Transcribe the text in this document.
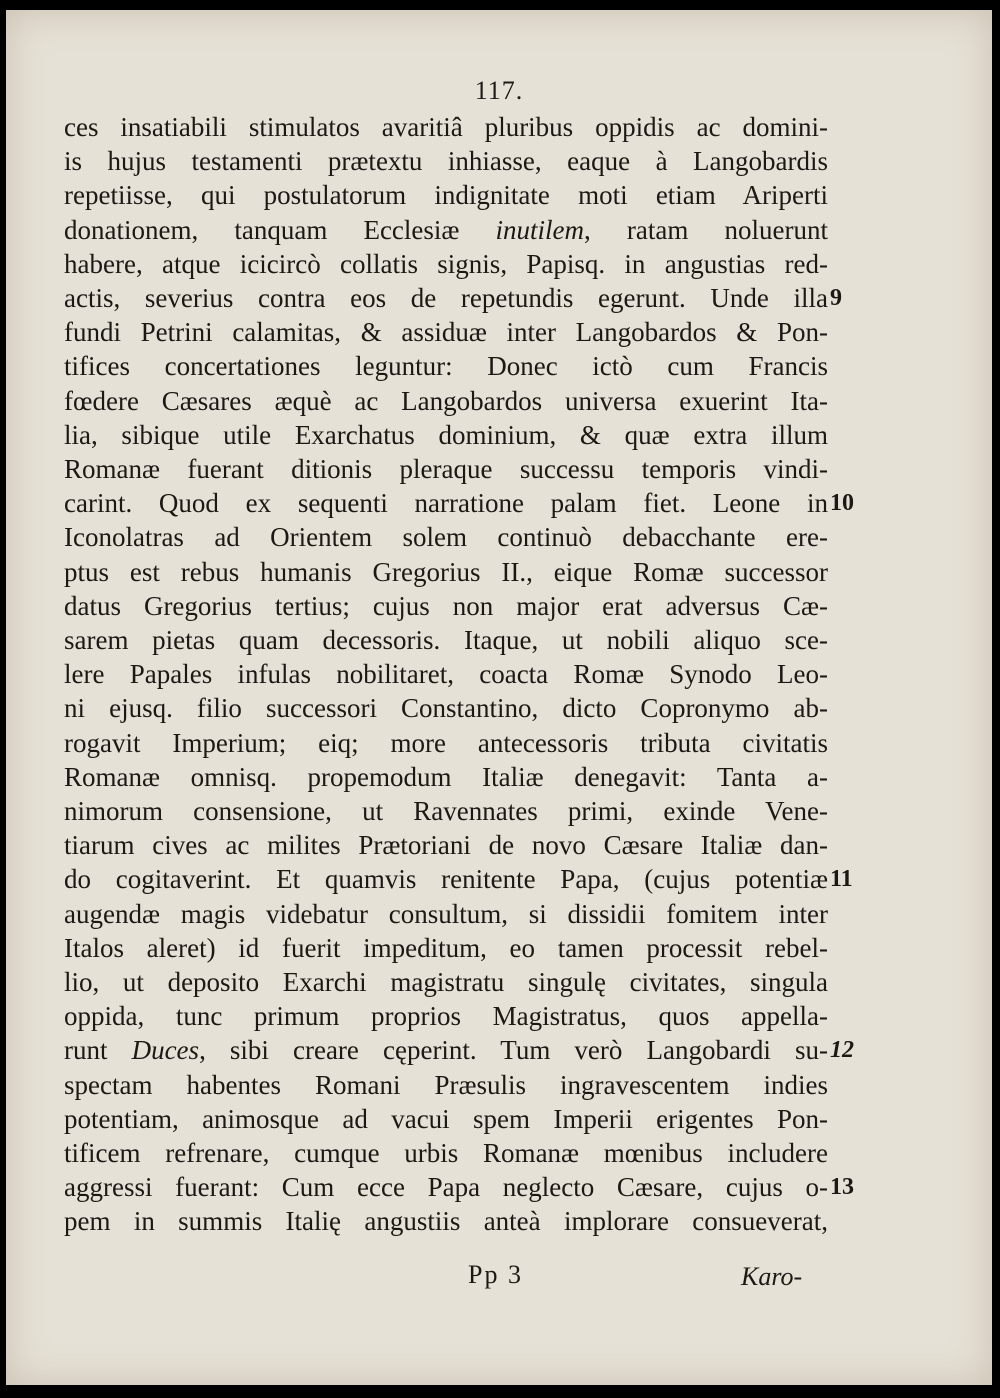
117.
ces insatiabili stimulatos avaritiâ pluribus oppidis ac domini-
is hujus testamenti prætextu inhiasse, eaque à Langobardis
repetiisse, qui postulatorum indignitate moti etiam Ariperti
donationem, tanquam Ecclesiæ inutilem, ratam noluerunt
habere, atque icicircò collatis signis, Papisq. in angustias red-
actis, severius contra eos de repetundis egerunt. Unde illa
fundi Petrini calamitas, & assiduæ inter Langobardos & Pon-
tifices concertationes leguntur: Donec ictò cum Francis
fœdere Cæsares æquè ac Langobardos universa exuerint Ita-
lia, sibique utile Exarchatus dominium, & quæ extra illum
Romanæ fuerant ditionis pleraque successu temporis vindi-
carint. Quod ex sequenti narratione palam fiet. Leone in
Iconolatras ad Orientem solem continuò debacchante ere-
ptus est rebus humanis Gregorius II., eique Romæ successor
datus Gregorius tertius; cujus non major erat adversus Cæ-
sarem pietas quam decessoris. Itaque, ut nobili aliquo sce-
lere Papales infulas nobilitaret, coacta Romæ Synodo Leo-
ni ejusq. filio successori Constantino, dicto Copronymo ab-
rogavit Imperium; eiq; more antecessoris tributa civitatis
Romanæ omnisq. propemodum Italiæ denegavit: Tanta a-
nimorum consensione, ut Ravennates primi, exinde Vene-
tiarum cives ac milites Prætoriani de novo Cæsare Italiæ dan-
do cogitaverint. Et quamvis renitente Papa, (cujus potentiæ
augendæ magis videbatur consultum, si dissidii fomitem inter
Italos aleret) id fuerit impeditum, eo tamen processit rebel-
lio, ut deposito Exarchi magistratu singulę civitates, singula
oppida, tunc primum proprios Magistratus, quos appella-
runt Duces, sibi creare cęperint. Tum verò Langobardi su-
spectam habentes Romani Præsulis ingravescentem indies
potentiam, animosque ad vacui spem Imperii erigentes Pon-
tificem refrenare, cumque urbis Romanæ mœnibus includere
aggressi fuerant: Cum ecce Papa neglecto Cæsare, cujus o-
pem in summis Italię angustiis anteà implorare consueverat,
9
10
11
12
13
Pp 3	Karo-
